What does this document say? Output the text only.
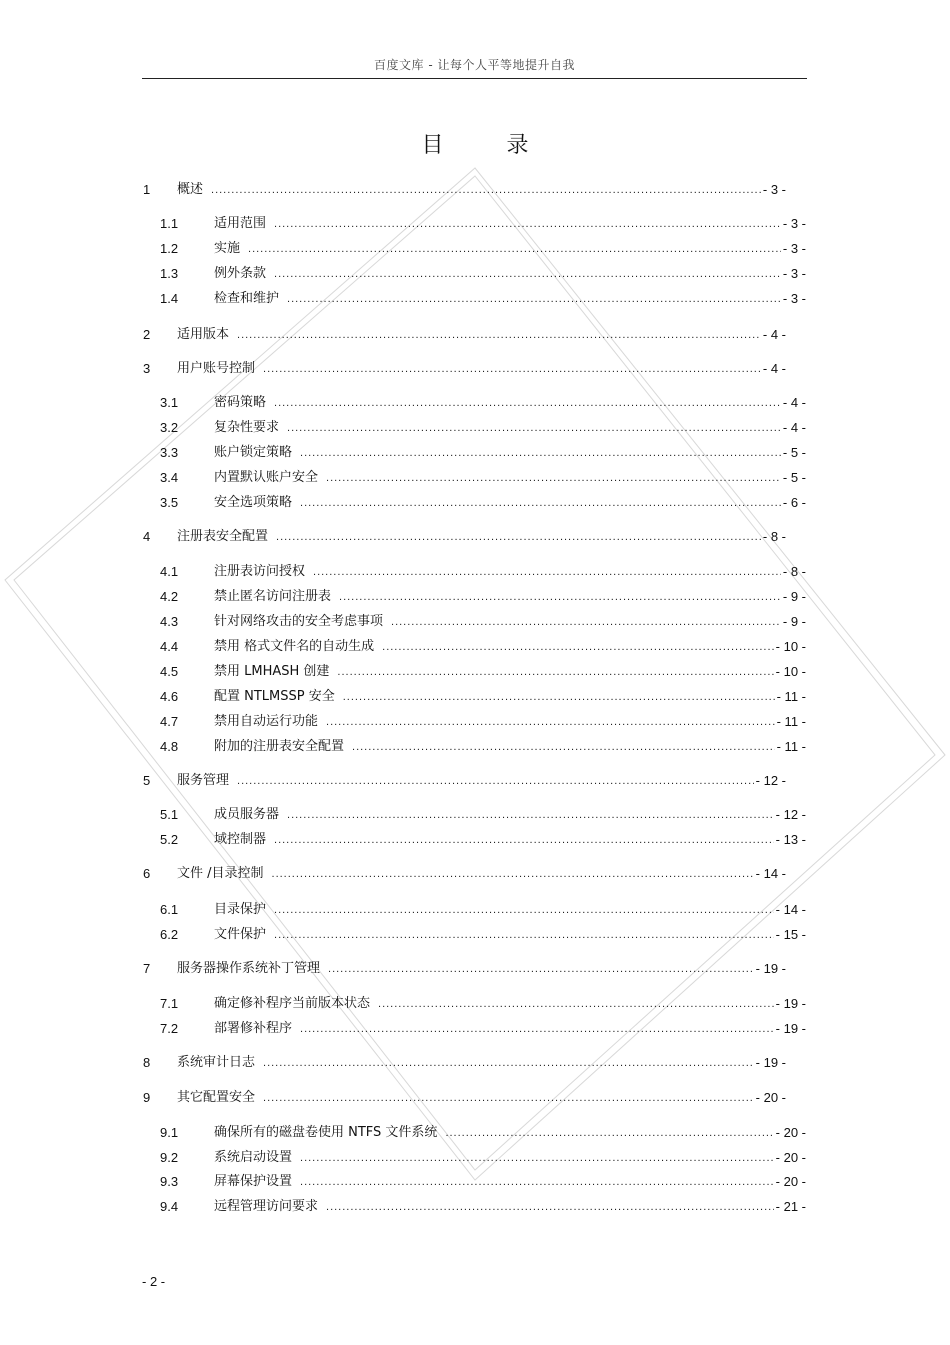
百度文库 - 让每个人平等地提升自我
目 录
1	概述 .....	- 3 -
1.1	适用范围 .....	- 3 -
1.2	实施 .....	- 3 -
1.3	例外条款 .....	- 3 -
1.4	检查和维护 .....	- 3 -
2	适用版本 .....	- 4 -
3	用户账号控制 .....	- 4 -
3.1	密码策略 .....	- 4 -
3.2	复杂性要求 .....	- 4 -
3.3	账户锁定策略 .....	- 5 -
3.4	内置默认账户安全 .....	- 5 -
3.5	安全选项策略 .....	- 6 -
4	注册表安全配置 .....	- 8 -
4.1	注册表访问授权 .....	- 8 -
4.2	禁止匿名访问注册表 .....	- 9 -
4.3	针对网络攻击的安全考虑事项 .....	- 9 -
4.4	禁用 格式文件名的自动生成 .....	- 10 -
4.5	禁用 LMHASH 创建 .....	- 10 -
4.6	配置 NTLMSSP 安全 .....	- 11 -
4.7	禁用自动运行功能 .....	- 11 -
4.8	附加的注册表安全配置 .....	- 11 -
5	服务管理 .....	- 12 -
5.1	成员服务器 .....	- 12 -
5.2	域控制器 .....	- 13 -
6	文件 /目录控制 .....	- 14 -
6.1	目录保护 .....	- 14 -
6.2	文件保护 .....	- 15 -
7	服务器操作系统补丁管理 .....	- 19 -
7.1	确定修补程序当前版本状态 .....	- 19 -
7.2	部署修补程序 .....	- 19 -
8	系统审计日志 .....	- 19 -
9	其它配置安全 .....	- 20 -
9.1	确保所有的磁盘卷使用 NTFS 文件系统 .....	- 20 -
9.2	系统启动设置 .....	- 20 -
9.3	屏幕保护设置 .....	- 20 -
9.4	远程管理访问要求 .....	- 21 -
- 2 -
